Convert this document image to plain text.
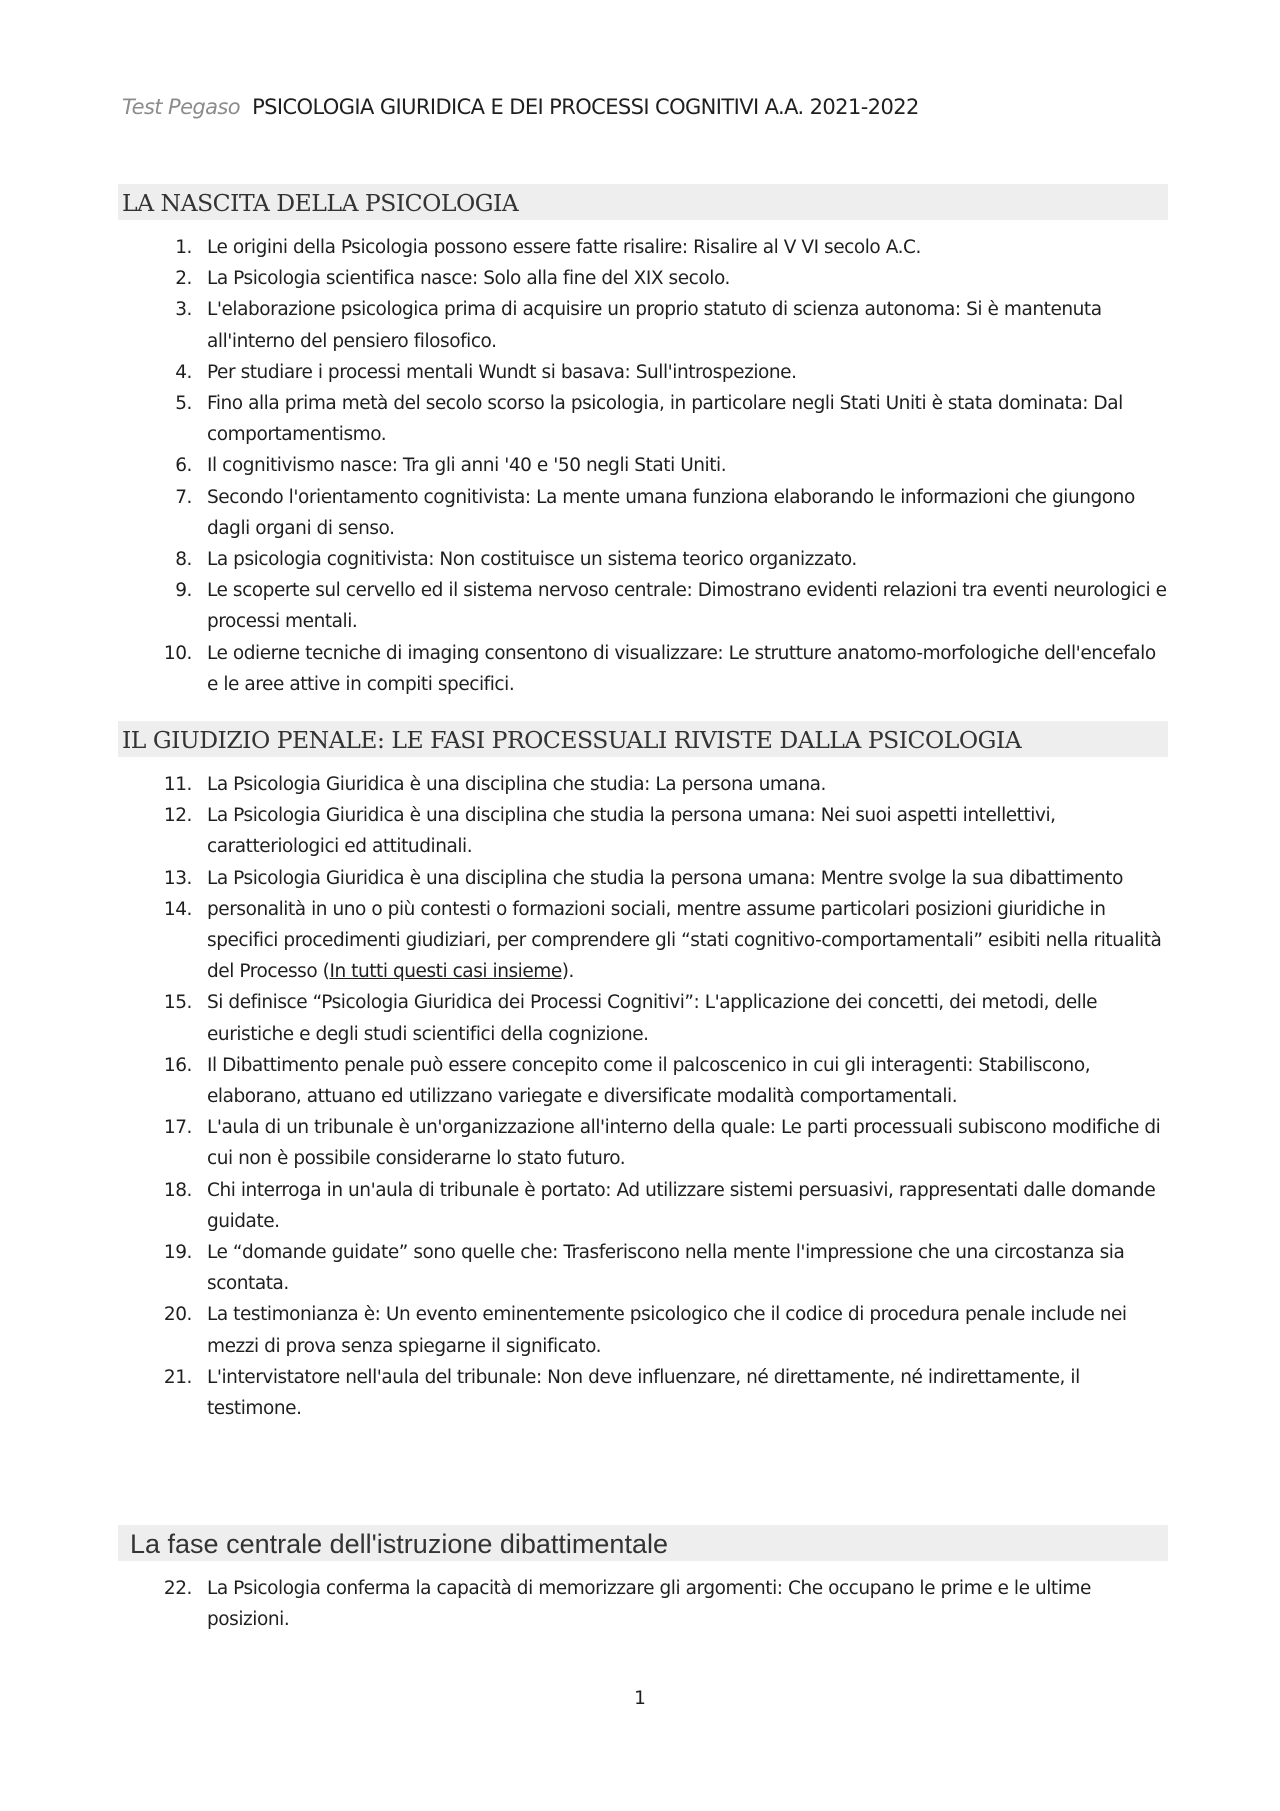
Test Pegaso PSICOLOGIA GIURIDICA E DEI PROCESSI COGNITIVI A.A. 2021-2022
LA NASCITA DELLA PSICOLOGIA
1. Le origini della Psicologia possono essere fatte risalire: Risalire al V VI secolo A.C.
2. La Psicologia scientifica nasce: Solo alla fine del XIX secolo.
3. L'elaborazione psicologica prima di acquisire un proprio statuto di scienza autonoma: Si è mantenuta all'interno del pensiero filosofico.
4. Per studiare i processi mentali Wundt si basava: Sull'introspezione.
5. Fino alla prima metà del secolo scorso la psicologia, in particolare negli Stati Uniti è stata dominata: Dal comportamentismo.
6. Il cognitivismo nasce: Tra gli anni '40 e '50 negli Stati Uniti.
7. Secondo l'orientamento cognitivista: La mente umana funziona elaborando le informazioni che giungono dagli organi di senso.
8. La psicologia cognitivista: Non costituisce un sistema teorico organizzato.
9. Le scoperte sul cervello ed il sistema nervoso centrale: Dimostrano evidenti relazioni tra eventi neurologici e processi mentali.
10. Le odierne tecniche di imaging consentono di visualizzare: Le strutture anatomo-morfologiche dell'encefalo e le aree attive in compiti specifici.
IL GIUDIZIO PENALE: LE FASI PROCESSUALI RIVISTE DALLA PSICOLOGIA
11. La Psicologia Giuridica è una disciplina che studia: La persona umana.
12. La Psicologia Giuridica è una disciplina che studia la persona umana: Nei suoi aspetti intellettivi, caratteriologici ed attitudinali.
13. La Psicologia Giuridica è una disciplina che studia la persona umana: Mentre svolge la sua dibattimento
14. personalità in uno o più contesti o formazioni sociali, mentre assume particolari posizioni giuridiche in specifici procedimenti giudiziari, per comprendere gli “stati cognitivo-comportamentali” esibiti nella ritualità del Processo (In tutti questi casi insieme).
15. Si definisce “Psicologia Giuridica dei Processi Cognitivi”: L'applicazione dei concetti, dei metodi, delle euristiche e degli studi scientifici della cognizione.
16. Il Dibattimento penale può essere concepito come il palcoscenico in cui gli interagenti: Stabiliscono, elaborano, attuano ed utilizzano variegate e diversificate modalità comportamentali.
17. L'aula di un tribunale è un'organizzazione all'interno della quale: Le parti processuali subiscono modifiche di cui non è possibile considerarne lo stato futuro.
18. Chi interroga in un'aula di tribunale è portato: Ad utilizzare sistemi persuasivi, rappresentati dalle domande guidate.
19. Le “domande guidate” sono quelle che: Trasferiscono nella mente l'impressione che una circostanza sia scontata.
20. La testimonianza è: Un evento eminentemente psicologico che il codice di procedura penale include nei mezzi di prova senza spiegarne il significato.
21. L'intervistatore nell'aula del tribunale: Non deve influenzare, né direttamente, né indirettamente, il testimone.
La fase centrale dell'istruzione dibattimentale
22. La Psicologia conferma la capacità di memorizzare gli argomenti: Che occupano le prime e le ultime posizioni.
1
